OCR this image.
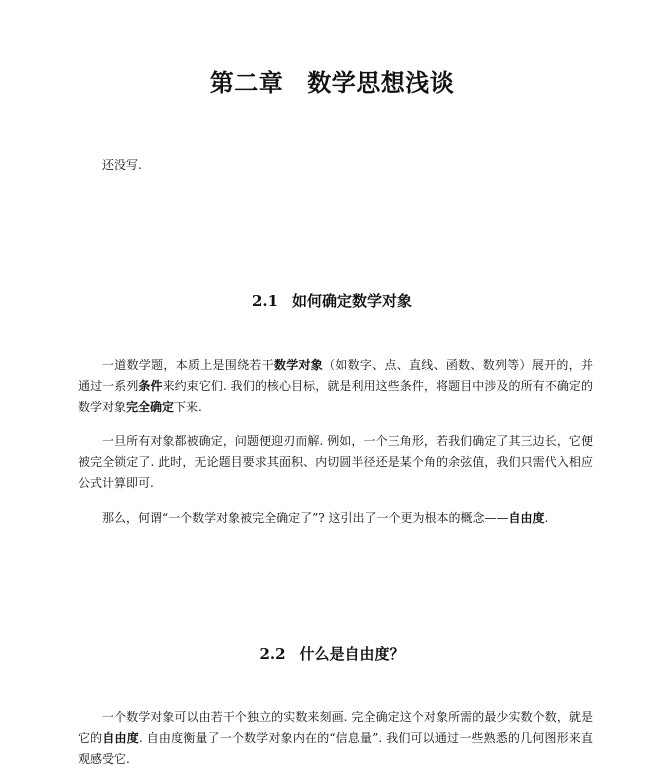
第二章 数学思想浅谈
还没写.
2.1 如何确定数学对象
一道数学题，本质上是围绕若干数学对象（如数字、点、直线、函数、数列等）展开的，并通过一系列条件来约束它们. 我们的核心目标，就是利用这些条件，将题目中涉及的所有不确定的数学对象完全确定下来.
一旦所有对象都被确定，问题便迎刃而解. 例如，一个三角形，若我们确定了其三边长，它便被完全锁定了. 此时，无论题目要求其面积、内切圆半径还是某个角的余弦值，我们只需代入相应公式计算即可.
那么，何谓“一个数学对象被完全确定了”? 这引出了一个更为根本的概念——自由度.
2.2 什么是自由度？
一个数学对象可以由若干个独立的实数来刻画. 完全确定这个对象所需的最少实数个数，就是它的自由度. 自由度衡量了一个数学对象内在的“信息量”. 我们可以通过一些熟悉的几何图形来直观感受它.
